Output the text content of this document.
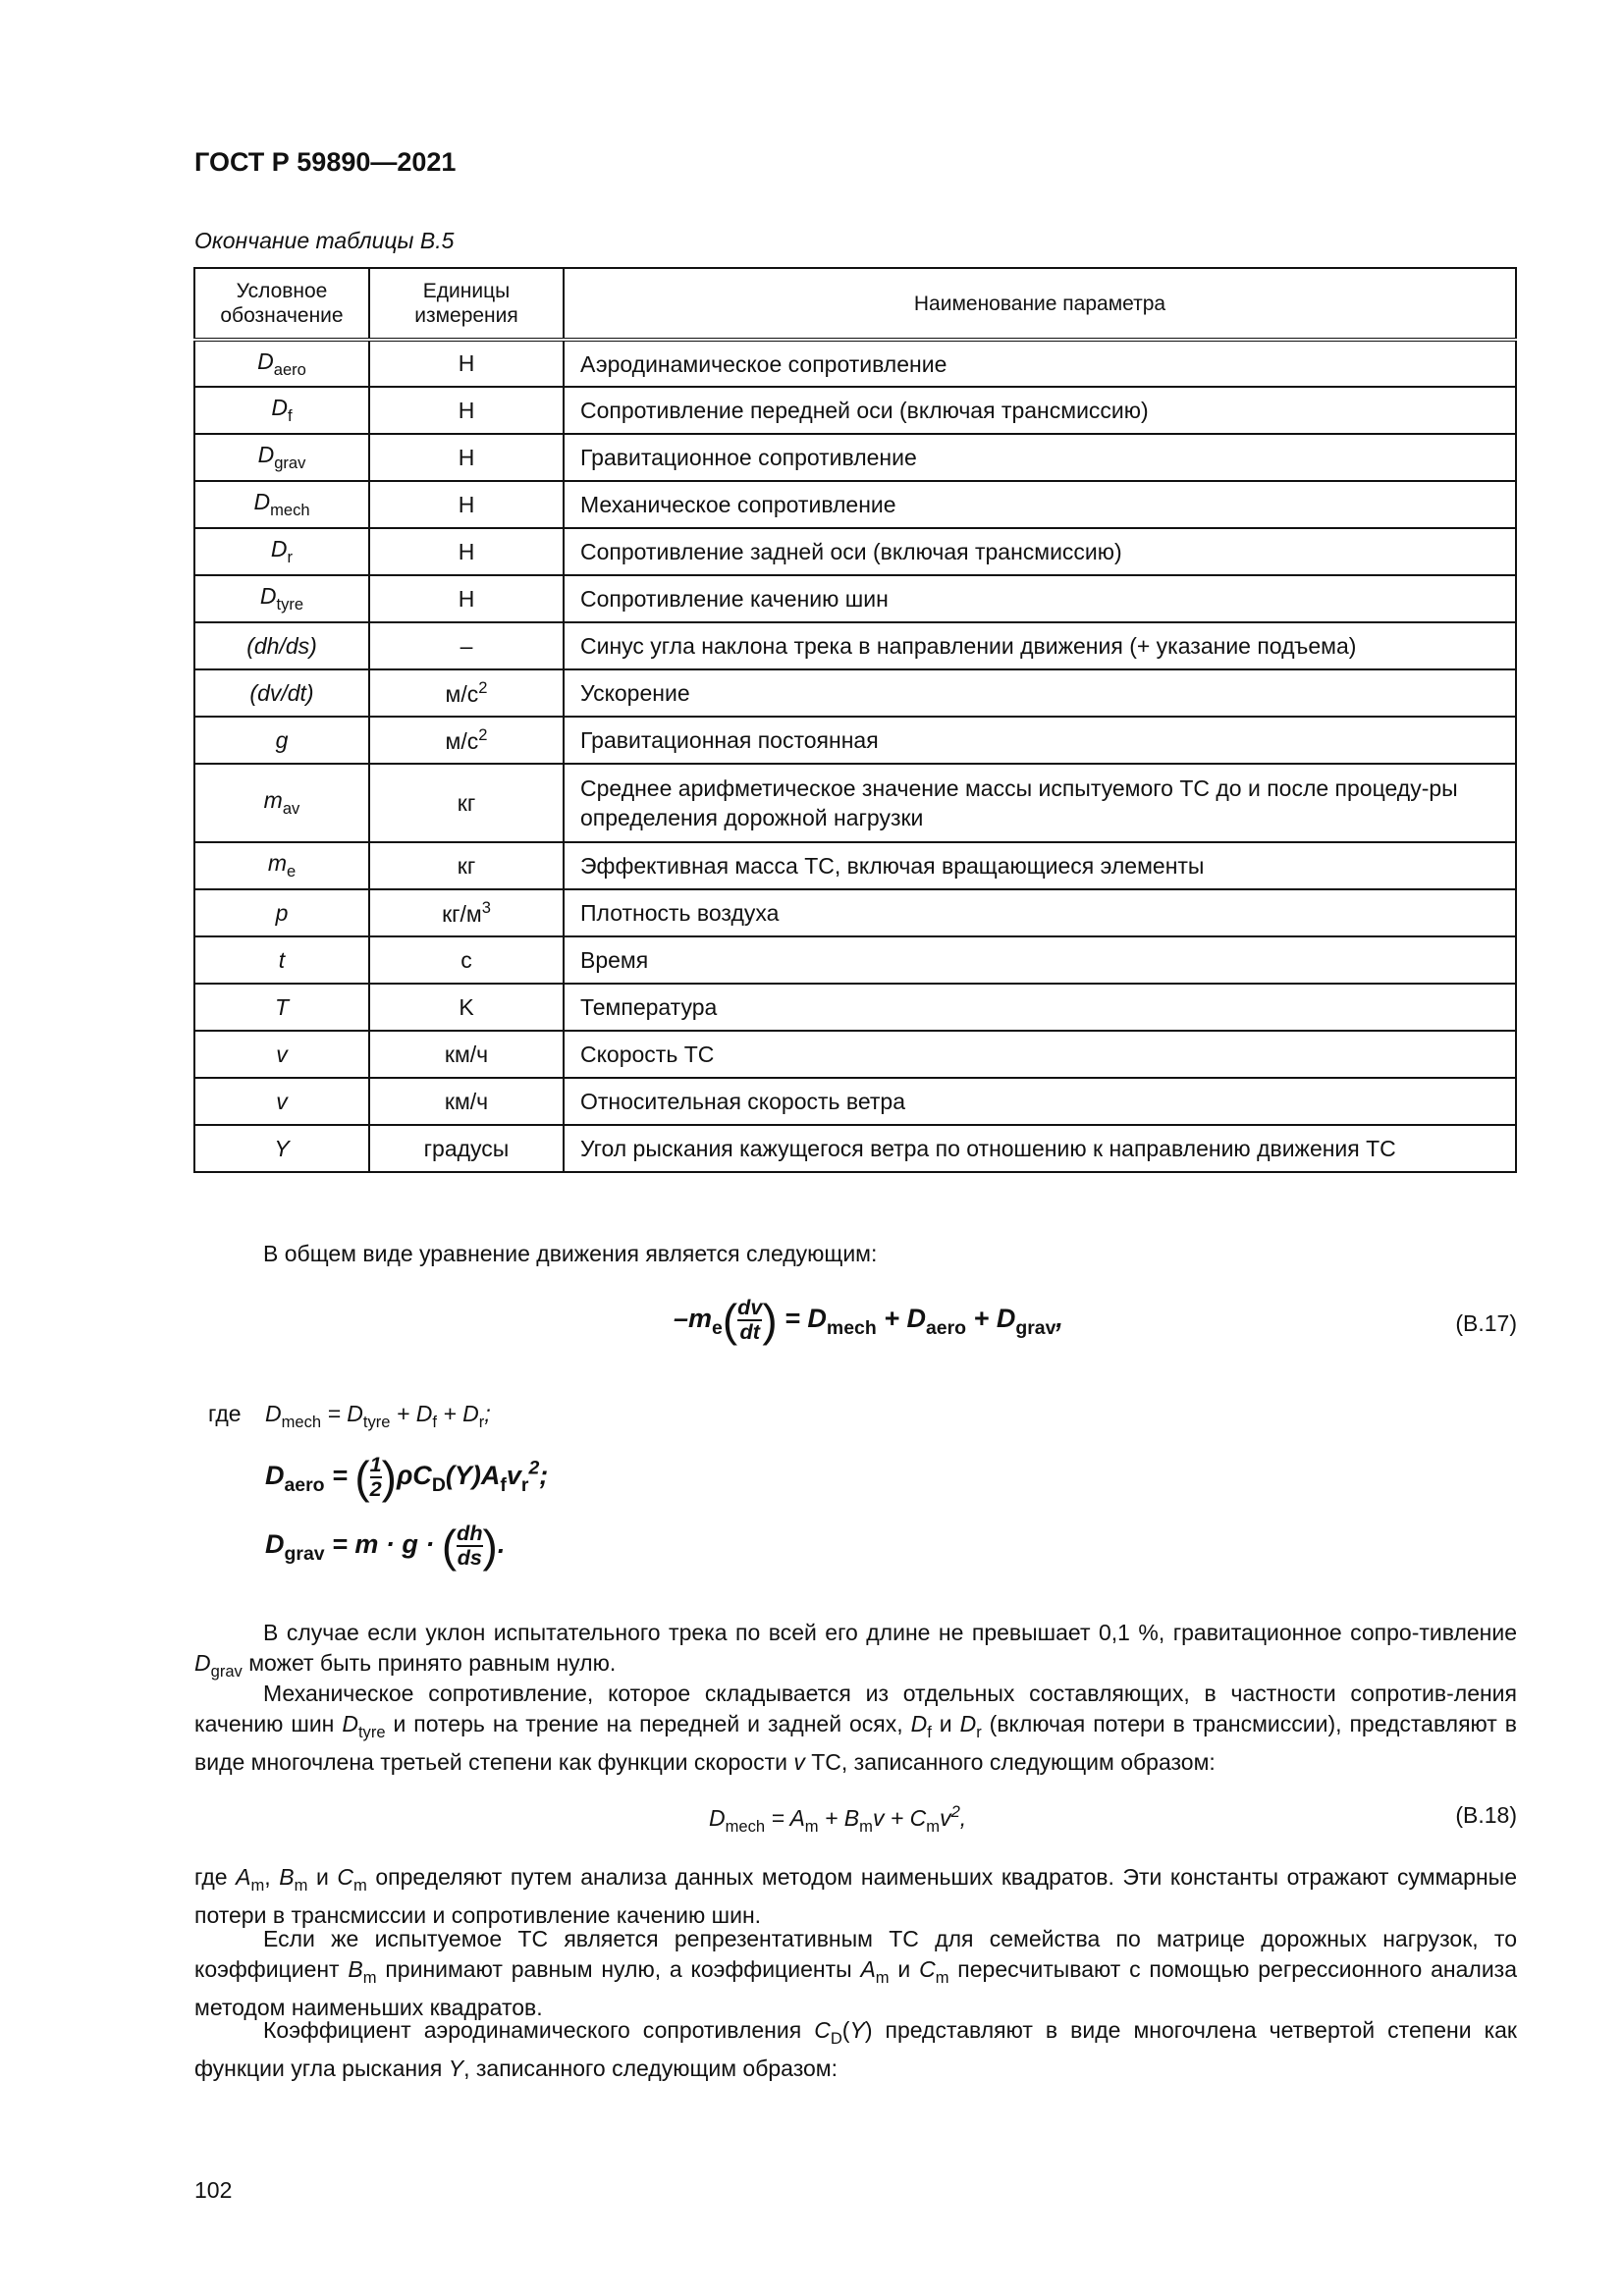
ГОСТ Р 59890—2021
Окончание таблицы В.5
Условное обозначение	Единицы измерения	Наименование параметра
$D_{aero}$	Н	Аэродинамическое сопротивление
$D_f$	Н	Сопротивление передней оси (включая трансмиссию)
$D_{grav}$	Н	Гравитационное сопротивление
$D_{mech}$	Н	Механическое сопротивление
$D_r$	Н	Сопротивление задней оси (включая трансмиссию)
$D_{tyre}$	Н	Сопротивление качению шин
(dh/ds)	–	Синус угла наклона трека в направлении движения (+ указание подъема)
(dv/dt)	$м/с^2$	Ускорение
g	$м/с^2$	Гравитационная постоянная
$m_{av}$	кг	Среднее арифметическое значение массы испытуемого ТС до и после процеду-ры определения дорожной нагрузки
$m_e$	кг	Эффективная масса ТС, включая вращающиеся элементы
p	$кг/м^3$	Плотность воздуха
t	с	Время
T	K	Температура
v	км/ч	Скорость ТС
v	км/ч	Относительная скорость ветра
Y	градусы	Угол рыскания кажущегося ветра по отношению к направлению движения ТС
В общем виде уравнение движения является следующим:
$-m_e( \frac{dv}{dt}$ ) = $D_{mech} + D_{aero} + D_{grav}$,	(В.17)
где $D_{mech} = D_{tyre} + D_f + D_r$;
$D_{aero}$ = ( $\frac{1}{2} )\rho C_D(Y)A_fv_r^2$;
$D_{grav} = m \cdot g$ · ( $\frac{dh}{ds}$ ).
В случае если уклон испытательного трека по всей его длине не превышает 0,1 %, гравитационное сопро-тивление $D_{grav}$ может быть принято равным нулю.
Механическое сопротивление, которое складывается из отдельных составляющих, в частности сопротив-ления качению шин $D_{tyre}$ и потерь на трение на передней и задней осях, $D_f$ и $D_r$ (включая потери в трансмиссии), представляют в виде многочлена третьей степени как функции скорости v ТС, записанного следующим образом:
$D_{mech} = A_m + B_mv + C_mv^2$,	(В.18)
где $A_m$, $B_m$ и $C_m$ определяют путем анализа данных методом наименьших квадратов. Эти константы отражают суммарные потери в трансмиссии и сопротивление качению шин.
Если же испытуемое ТС является репрезентативным ТС для семейства по матрице дорожных нагрузок, то коэффициент $B_m$ принимают равным нулю, а коэффициенты $A_m$ и $C_m$ пересчитывают с помощью регрессионного анализа методом наименьших квадратов.
Коэффициент аэродинамического сопротивления $C_D(Y)$ представляют в виде многочлена четвертой степени как функции угла рыскания Y, записанного следующим образом:
102
